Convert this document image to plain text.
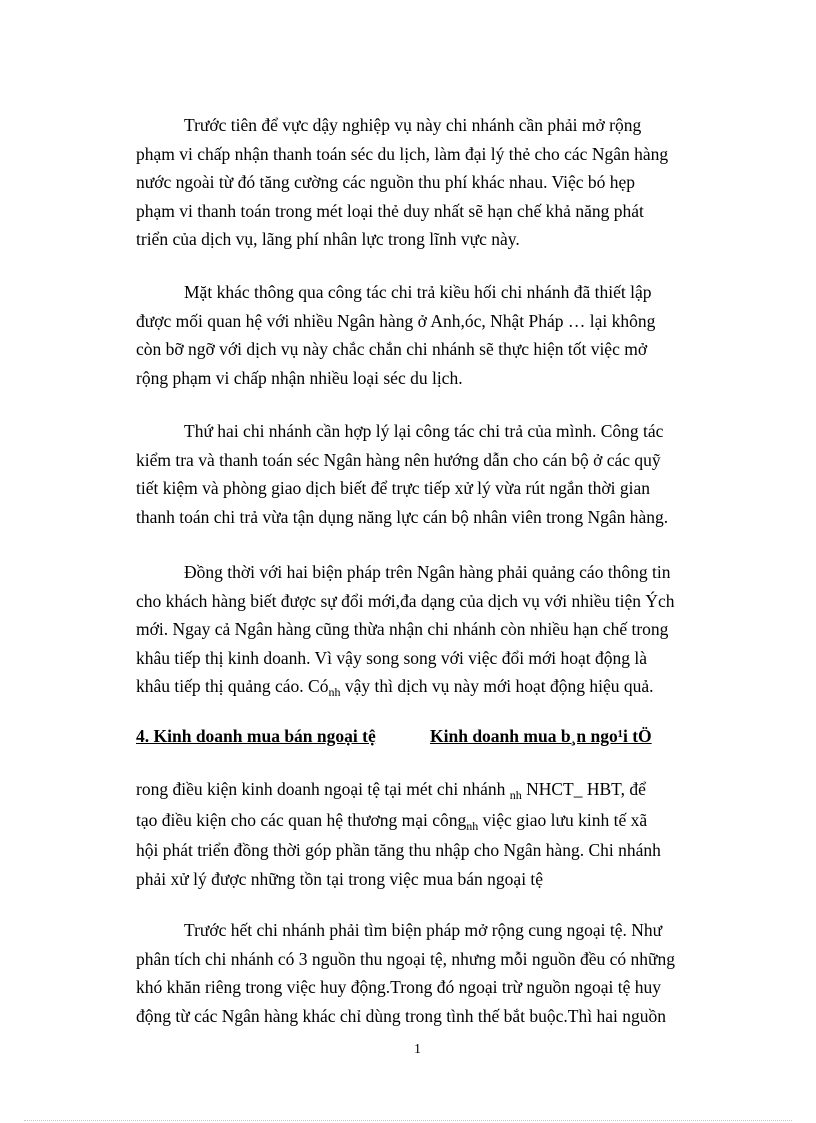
Trước tiên để vực dậy nghiệp vụ này chi nhánh cần phải mở rộng
phạm vi chấp nhận thanh toán séc du lịch, làm đại lý thẻ cho các Ngân hàng
nước ngoài từ đó tăng cường các nguồn thu phí khác nhau. Việc bó hẹp
phạm vi thanh toán trong mét loại thẻ duy nhất sẽ hạn chế khả năng phát
triển của dịch vụ, lãng phí nhân lực trong lĩnh vực này.
Mặt khác thông qua công tác chi trả kiều hối chi nhánh đã thiết lập
được mối quan hệ với nhiều Ngân hàng ở Anh,óc, Nhật Pháp … lại không
còn bỡ ngỡ với dịch vụ này chắc chắn chi nhánh sẽ thực hiện tốt việc mở
rộng phạm vi chấp nhận nhiều loại séc du lịch.
Thứ hai chi nhánh cần hợp lý lại công tác chi trả của mình. Công tác
kiểm tra và thanh toán séc Ngân hàng nên hướng dẫn cho cán bộ ở các quỹ
tiết kiệm và phòng giao dịch biết để trực tiếp xử lý vừa rút ngắn thời gian
thanh toán chi trả vừa tận dụng năng lực cán bộ nhân viên trong Ngân hàng.
Đồng thời với hai biện pháp trên Ngân hàng phải quảng cáo thông tin
cho khách hàng biết được sự đổi mới,đa dạng của dịch vụ với nhiều tiện Ých
mới. Ngay cả Ngân hàng cũng thừa nhận chi nhánh còn nhiều hạn chế trong
khâu tiếp thị kinh doanh. Vì vậy song song với việc đổi mới hoạt động là
khâu tiếp thị quảng cáo. $Có_{nh}$ vậy thì dịch vụ này mới hoạt động hiệu quả.
4. Kinh doanh mua bán ngoại tệ	Kinh doanh mua b¸n ngo¹i tÖ
rong điều kiện kinh doanh ngoại tệ tại mét chi nhánh $_{nh}$ NHCT_ HBT, để
tạo điều kiện cho các quan hệ thương mại công$_{nh}$ việc giao lưu kinh tế xã
hội phát triển đồng thời góp phần tăng thu nhập cho Ngân hàng. Chi nhánh
phải xử lý được những tồn tại trong việc mua bán ngoại tệ
Trước hết chi nhánh phải tìm biện pháp mở rộng cung ngoại tệ. Như
phân tích chi nhánh có 3 nguồn thu ngoại tệ, nhưng mỗi nguồn đều có những
khó khăn riêng trong việc huy động.Trong đó ngoại trừ nguồn ngoại tệ huy
động từ các Ngân hàng khác chỉ dùng trong tình thế bắt buộc.Thì hai nguồn
1
